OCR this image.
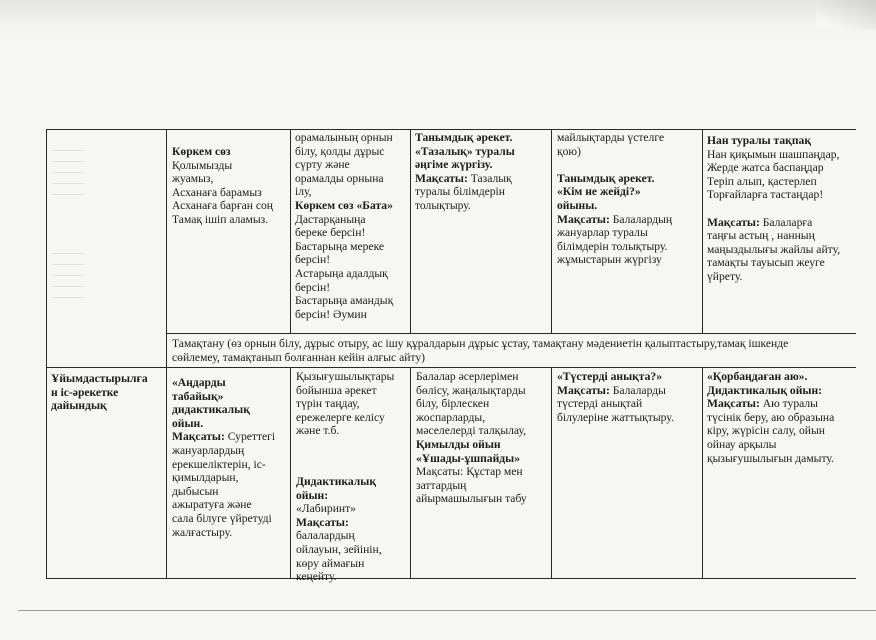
_______
_______
_______
_______
_______
_______
_______
_______
_______
_______
Көркем сөз
Қолымызды
жуамыз,
Асханаға барамыз
Асханаға барған соң
Тамақ ішіп аламыз.
орамалының орнын
білу, қолды дұрыс
сүрту және
орамалды орнына
ілу,
Көркем сөз «Бата»
Дастарқаныңа
береке берсін!
Бастарыңа мереке
берсін!
Астарыңа адалдық
берсін!
Бастарыңа амандық
берсін! Әумин
Танымдық әрекет.
«Тазалық» туралы
әңгіме жүргізу.
Мақсаты: Тазалық
туралы білімдерін
толықтыру.
майлықтарды үстелге
қою)

Танымдық әрекет.
«Кім не жейді?»
ойыны.
Мақсаты: Балалардың
жануарлар туралы
білімдерін толықтыру.
жұмыстарын жүргізу
Нан туралы тақпақ
Нан қиқымын шашпаңдар,
Жерде жатса баспаңдар
Теріп алып, қастерлеп
Торғайларға тастаңдар!

Мақсаты: Балаларға
таңғы астың , нанның
маңыздылығы жайлы айту,
тамақты тауысып жеуге
үйрету.
Тамақтану (өз орнын білу, дұрыс отыру, ас ішу құралдарын дұрыс ұстау, тамақтану мәдениетін қалыптастыру,тамақ ішкенде
сөйлемеу, тамақтанып болғаннан кейін алғыс айту)
Ұйымдастырылға
н іс-әрекетке
дайындық
«Аңдарды
табайық»
дидактикалық
ойын.
Мақсаты: Суреттегі
жануарлардың
ерекшеліктерін, іс-
қимылдарын,
дыбысын
ажыратуға және
сала білуге үйретуді
жалғастыру.
Қызығушылықтары
бойынша әрекет
түрін таңдау,
ережелерге келісу
және т.б.
Дидактикалық
ойын:
«Лабиринт»
Мақсаты:
балалардың
ойлауын, зейінін,
көру аймағын
кеңейту.
Балалар әсерлерімен
бөлісу, жаңалықтарды
білу, бірлескен
жоспарларды,
мәселелерді талқылау,
Қимылды ойын
«Ұшады-ұшпайды»
Мақсаты: Құстар мен
заттардың
айырмашылығын табу
«Түстерді анықта?»
Мақсаты: Балаларды
түстерді анықтай
білулеріне жаттықтыру.
«Қорбаңдаған аю».
Дидактикалық ойын:
Мақсаты: Аю туралы
түсінік беру, аю образына
кіру, жүрісін салу, ойын
ойнау арқылы
қызығушылығын дамыту.
